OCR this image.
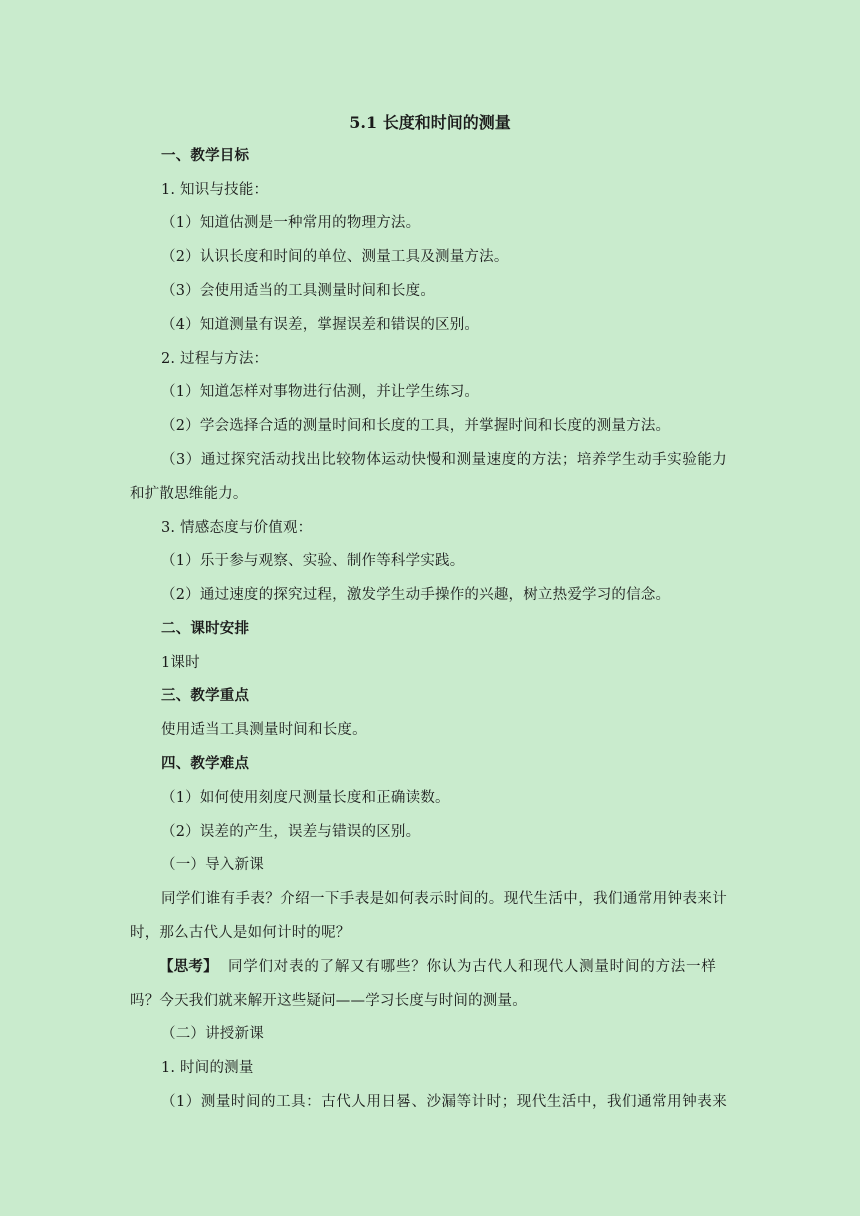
5.1 长度和时间的测量
一、教学目标
1. 知识与技能：
（1）知道估测是一种常用的物理方法。
（2）认识长度和时间的单位、测量工具及测量方法。
（3）会使用适当的工具测量时间和长度。
（4）知道测量有误差，掌握误差和错误的区别。
2. 过程与方法：
（1）知道怎样对事物进行估测，并让学生练习。
（2）学会选择合适的测量时间和长度的工具，并掌握时间和长度的测量方法。
（3）通过探究活动找出比较物体运动快慢和测量速度的方法；培养学生动手实验能力
和扩散思维能力。
3. 情感态度与价值观：
（1）乐于参与观察、实验、制作等科学实践。
（2）通过速度的探究过程，激发学生动手操作的兴趣，树立热爱学习的信念。
二、课时安排
1课时
三、教学重点
使用适当工具测量时间和长度。
四、教学难点
（1）如何使用刻度尺测量长度和正确读数。
（2）误差的产生，误差与错误的区别。
（一）导入新课
同学们谁有手表？介绍一下手表是如何表示时间的。现代生活中，我们通常用钟表来计
时，那么古代人是如何计时的呢？
【思考】 同学们对表的了解又有哪些？你认为古代人和现代人测量时间的方法一样
吗？今天我们就来解开这些疑问——学习长度与时间的测量。
（二）讲授新课
1. 时间的测量
（1）测量时间的工具：古代人用日晷、沙漏等计时；现代生活中，我们通常用钟表来
